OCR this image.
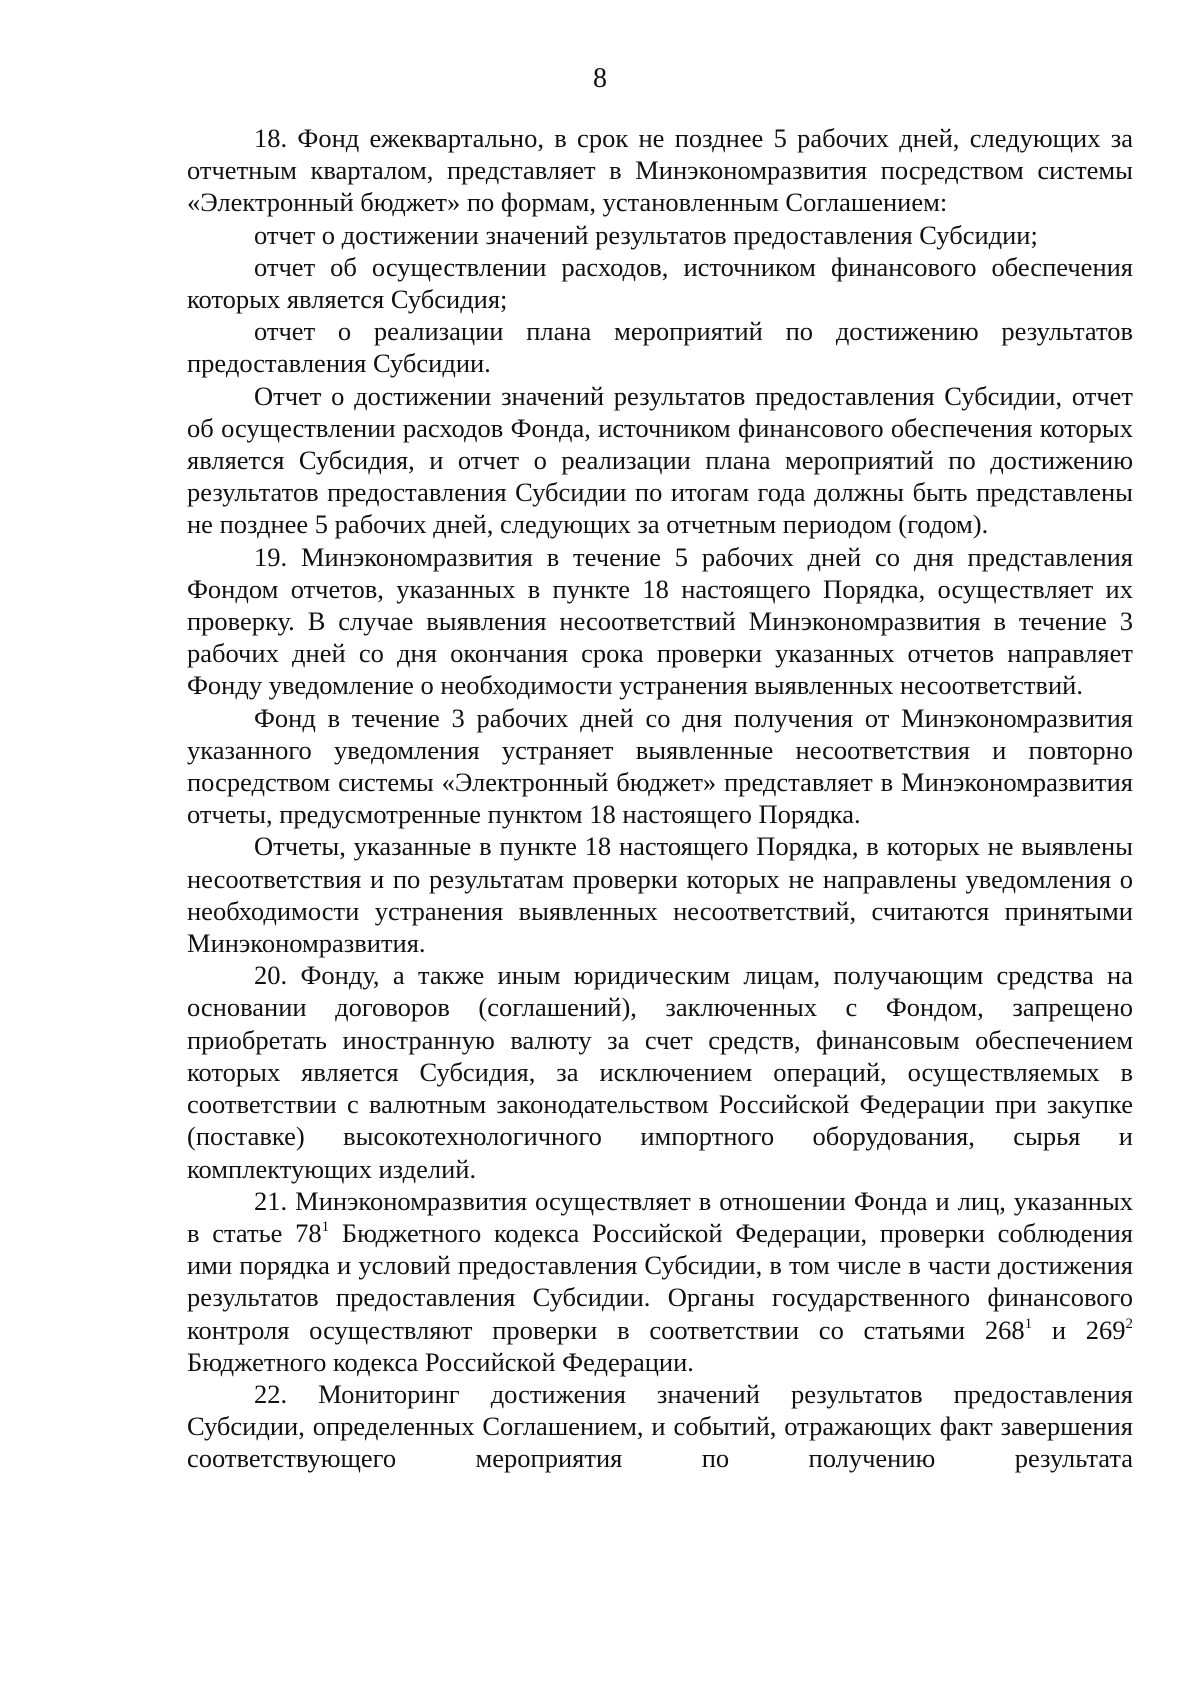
8

18. Фонд ежеквартально, в срок не позднее 5 рабочих дней, следующих за отчетным кварталом, представляет в Минэкономразвития посредством системы «Электронный бюджет» по формам, установленным Соглашением:

отчет о достижении значений результатов предоставления Субсидии;

отчет об осуществлении расходов, источником финансового обеспечения которых является Субсидия;

отчет о реализации плана мероприятий по достижению результатов предоставления Субсидии.

Отчет о достижении значений результатов предоставления Субсидии, отчет об осуществлении расходов Фонда, источником финансового обеспечения которых является Субсидия, и отчет о реализации плана мероприятий по достижению результатов предоставления Субсидии по итогам года должны быть представлены не позднее 5 рабочих дней, следующих за отчетным периодом (годом).

19. Минэкономразвития в течение 5 рабочих дней со дня представления Фондом отчетов, указанных в пункте 18 настоящего Порядка, осуществляет их проверку. В случае выявления несоответствий Минэкономразвития в течение 3 рабочих дней со дня окончания срока проверки указанных отчетов направляет Фонду уведомление о необходимости устранения выявленных несоответствий.

Фонд в течение 3 рабочих дней со дня получения от Минэкономразвития указанного уведомления устраняет выявленные несоответствия и повторно посредством системы «Электронный бюджет» представляет в Минэкономразвития отчеты, предусмотренные пунктом 18 настоящего Порядка.

Отчеты, указанные в пункте 18 настоящего Порядка, в которых не выявлены несоответствия и по результатам проверки которых не направлены уведомления о необходимости устранения выявленных несоответствий, считаются принятыми Минэкономразвития.

20. Фонду, а также иным юридическим лицам, получающим средства на основании договоров (соглашений), заключенных с Фондом, запрещено приобретать иностранную валюту за счет средств, финансовым обеспечением которых является Субсидия, за исключением операций, осуществляемых в соответствии с валютным законодательством Российской Федерации при закупке (поставке) высокотехнологичного импортного оборудования, сырья и комплектующих изделий.

21. Минэкономразвития осуществляет в отношении Фонда и лиц, указанных в статье $78^1$ Бюджетного кодекса Российской Федерации, проверки соблюдения ими порядка и условий предоставления Субсидии, в том числе в части достижения результатов предоставления Субсидии. Органы государственного финансового контроля осуществляют проверки в соответствии со статьями $268^1$ и $269^2$ Бюджетного кодекса Российской Федерации.

22. Мониторинг достижения значений результатов предоставления Субсидии, определенных Соглашением, и событий, отражающих факт завершения соответствующего мероприятия по получению результата
